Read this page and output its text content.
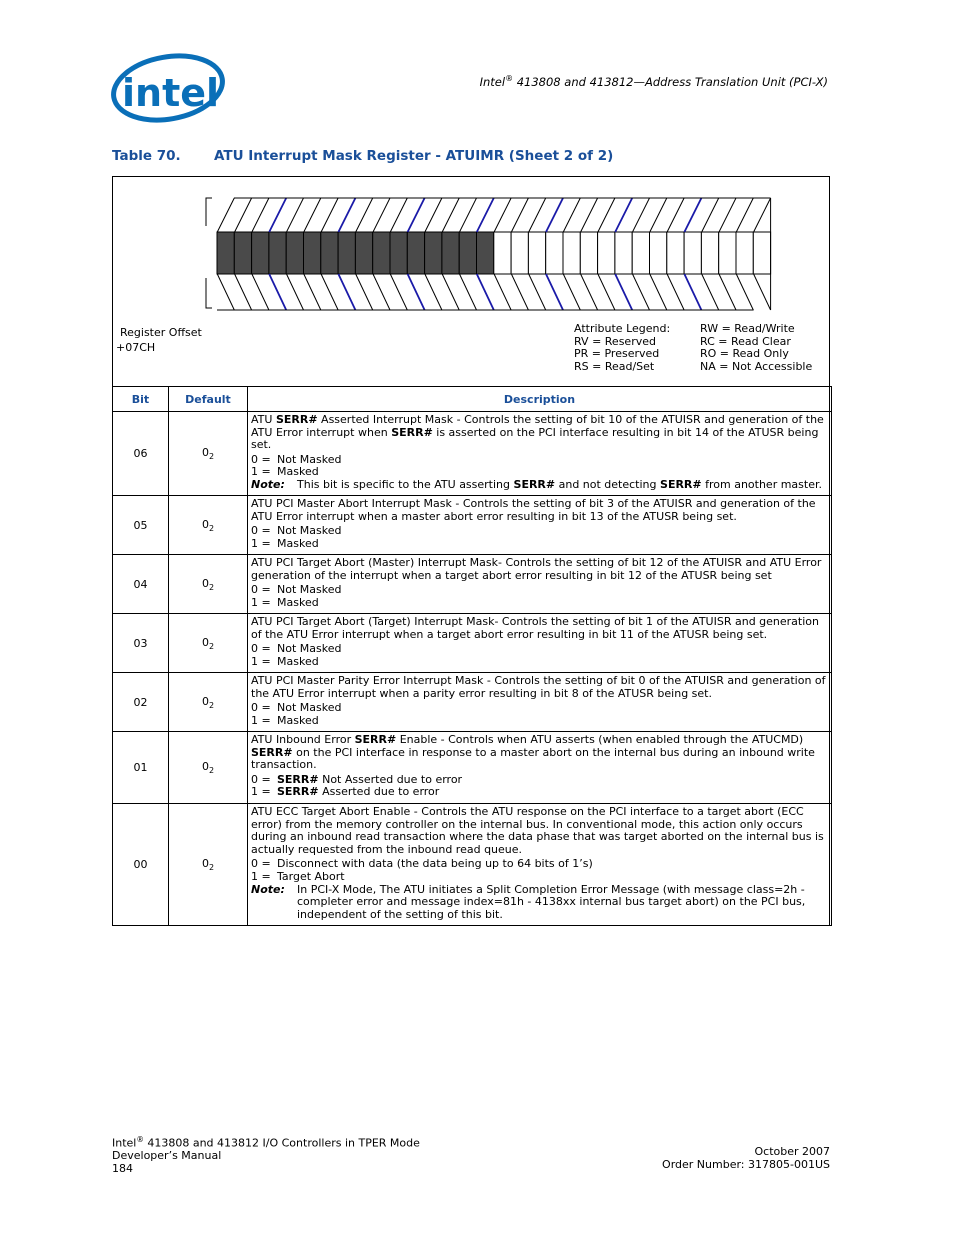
intel	Intel® 413808 and 413812—Address Translation Unit (PCI-X)
Table 70. ATU Interrupt Mask Register - ATUIMR (Sheet 2 of 2)
Register Offset
+07CH
Attribute Legend:	RW = Read/Write
RV = Reserved	RC = Read Clear
PR = Preserved	RO = Read Only
RS = Read/Set	NA = Not Accessible
Bit	Default	Description
06	$0_2$	ATU SERR# Asserted Interrupt Mask - Controls the setting of bit 10 of the ATUISR and generation of the ATU Error interrupt when SERR# is asserted on the PCI interface resulting in bit 14 of the ATUSR being set.

0 = Not Masked
1 = Masked
Note: This bit is specific to the ATU asserting SERR# and not detecting SERR# from another master.

05	$0_2$	ATU PCI Master Abort Interrupt Mask - Controls the setting of bit 3 of the ATUISR and generation of the ATU Error interrupt when a master abort error resulting in bit 13 of the ATUSR being set.

0 = Not Masked
1 = Masked

04	$0_2$	ATU PCI Target Abort (Master) Interrupt Mask- Controls the setting of bit 12 of the ATUISR and ATU Error generation of the interrupt when a target abort error resulting in bit 12 of the ATUSR being set

0 = Not Masked
1 = Masked

03	$0_2$	ATU PCI Target Abort (Target) Interrupt Mask- Controls the setting of bit 1 of the ATUISR and generation of the ATU Error interrupt when a target abort error resulting in bit 11 of the ATUSR being set.

0 = Not Masked
1 = Masked

02	$0_2$	ATU PCI Master Parity Error Interrupt Mask - Controls the setting of bit 0 of the ATUISR and generation of the ATU Error interrupt when a parity error resulting in bit 8 of the ATUSR being set.

0 = Not Masked
1 = Masked

01	$0_2$	ATU Inbound Error SERR# Enable - Controls when ATU asserts (when enabled through the ATUCMD) SERR# on the PCI interface in response to a master abort on the internal bus during an inbound write transaction.

0 = SERR# Not Asserted due to error
1 = SERR# Asserted due to error

00	$0_2$	ATU ECC Target Abort Enable - Controls the ATU response on the PCI interface to a target abort (ECC error) from the memory controller on the internal bus. In conventional mode, this action only occurs during an inbound read transaction where the data phase that was target aborted on the internal bus is actually requested from the inbound read queue.

0 = Disconnect with data (the data being up to 64 bits of 1’s)
1 = Target Abort
Note: In PCI-X Mode, The ATU initiates a Split Completion Error Message (with message class=2h - completer error and message index=81h - 4138xx internal bus target abort) on the PCI bus, independent of the setting of this bit.
Intel® 413808 and 413812 I/O Controllers in TPER Mode
Developer’s Manual
184
October 2007
Order Number: 317805-001US
